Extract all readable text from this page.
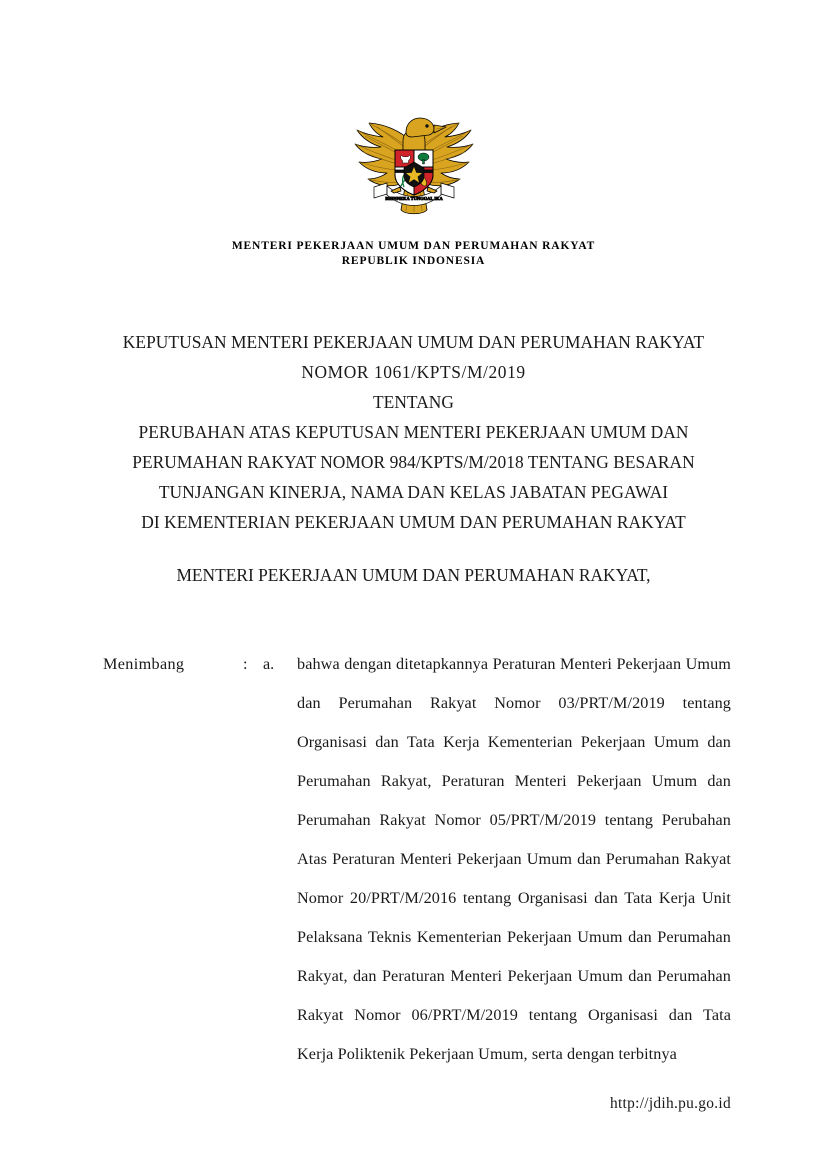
BHINNEKA TUNGGAL IKA
MENTERI PEKERJAAN UMUM DAN PERUMAHAN RAKYAT
REPUBLIK INDONESIA
KEPUTUSAN MENTERI PEKERJAAN UMUM DAN PERUMAHAN RAKYAT
NOMOR 1061/KPTS/M/2019
TENTANG
PERUBAHAN ATAS KEPUTUSAN MENTERI PEKERJAAN UMUM DAN
PERUMAHAN RAKYAT NOMOR 984/KPTS/M/2018 TENTANG BESARAN
TUNJANGAN KINERJA, NAMA DAN KELAS JABATAN PEGAWAI
DI KEMENTERIAN PEKERJAAN UMUM DAN PERUMAHAN RAKYAT
MENTERI PEKERJAAN UMUM DAN PERUMAHAN RAKYAT,
Menimbang	: a.	bahwa dengan ditetapkannya Peraturan Menteri Pekerjaan Umum dan Perumahan Rakyat Nomor 03/PRT/M/2019 tentang Organisasi dan Tata Kerja Kementerian Pekerjaan Umum dan Perumahan Rakyat, Peraturan Menteri Pekerjaan Umum dan Perumahan Rakyat Nomor 05/PRT/M/2019 tentang Perubahan Atas Peraturan Menteri Pekerjaan Umum dan Perumahan Rakyat Nomor 20/PRT/M/2016 tentang Organisasi dan Tata Kerja Unit Pelaksana Teknis Kementerian Pekerjaan Umum dan Perumahan Rakyat, dan Peraturan Menteri Pekerjaan Umum dan Perumahan Rakyat Nomor 06/PRT/M/2019 tentang Organisasi dan Tata Kerja Poliktenik Pekerjaan Umum, serta dengan terbitnya

http://jdih.pu.go.id
